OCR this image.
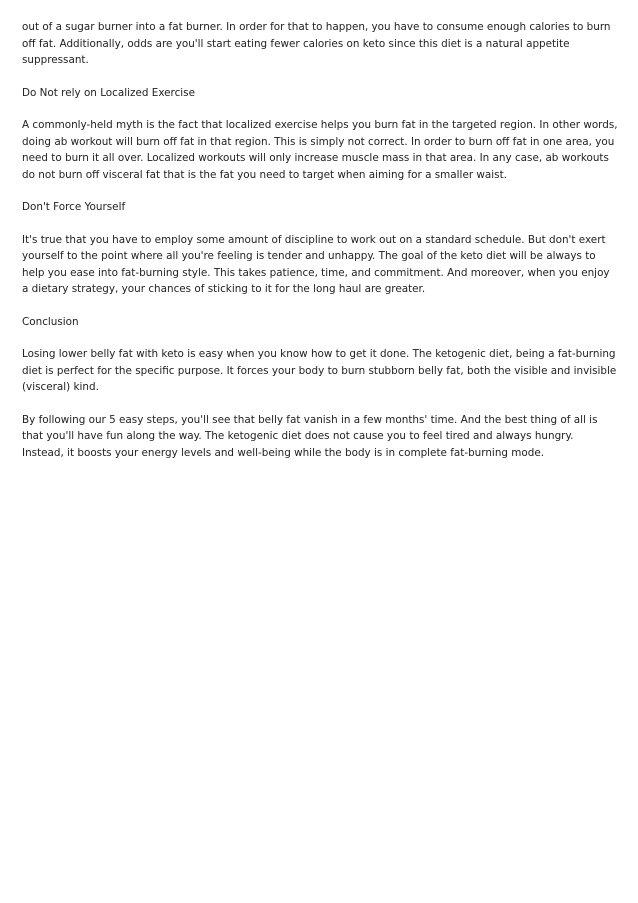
out of a sugar burner into a fat burner. In order for that to happen, you have to consume enough calories to burn off fat. Additionally, odds are you'll start eating fewer calories on keto since this diet is a natural appetite suppressant.

Do Not rely on Localized Exercise

A commonly-held myth is the fact that localized exercise helps you burn fat in the targeted region. In other words, doing ab workout will burn off fat in that region. This is simply not correct. In order to burn off fat in one area, you need to burn it all over. Localized workouts will only increase muscle mass in that area. In any case, ab workouts do not burn off visceral fat that is the fat you need to target when aiming for a smaller waist.

Don't Force Yourself

It's true that you have to employ some amount of discipline to work out on a standard schedule. But don't exert yourself to the point where all you're feeling is tender and unhappy. The goal of the keto diet will be always to help you ease into fat-burning style. This takes patience, time, and commitment. And moreover, when you enjoy a dietary strategy, your chances of sticking to it for the long haul are greater.

Conclusion

Losing lower belly fat with keto is easy when you know how to get it done. The ketogenic diet, being a fat-burning diet is perfect for the specific purpose. It forces your body to burn stubborn belly fat, both the visible and invisible (visceral) kind.

By following our 5 easy steps, you'll see that belly fat vanish in a few months' time. And the best thing of all is that you'll have fun along the way. The ketogenic diet does not cause you to feel tired and always hungry. Instead, it boosts your energy levels and well-being while the body is in complete fat-burning mode.
